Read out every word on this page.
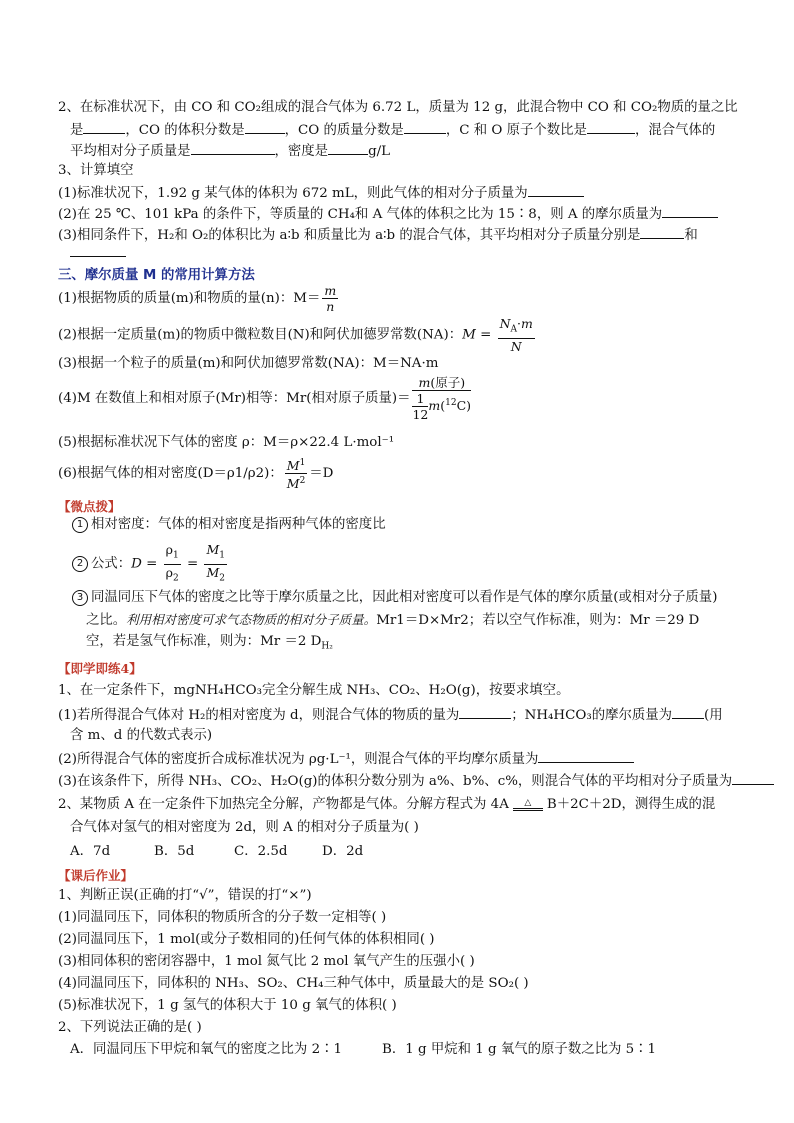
2、在标准状况下，由 CO 和 CO₂组成的混合气体为 6.72 L，质量为 12 g，此混合物中 CO 和 CO₂物质的量之比
是	，CO 的体积分数是	，CO 的质量分数是	，C 和 O 原子个数比是	，混合气体的
平均相对分子质量是	，密度是	g/L
3、计算填空
(1)标准状况下，1.92 g 某气体的体积为 672 mL，则此气体的相对分子质量为
(2)在 25 ℃、101 kPa 的条件下，等质量的 CH₄和 A 气体的体积之比为 15∶8，则 A 的摩尔质量为
(3)相同条件下，H₂和 O₂的体积比为 a∶b 和质量比为 a∶b 的混合气体，其平均相对分子质量分别是	和
三、摩尔质量 M 的常用计算方法
(1)根据物质的质量(m)和物质的量(n)：$M= \frac{m}{n}$
(2)根据一定质量(m)的物质中微粒数目(N)和阿伏加德罗常数(NA)：$M = \frac{N_A\cdot m}{N}$
(3)根据一个粒子的质量(m)和阿伏加德罗常数(NA)：M＝NA·m
(4)M 在数值上和相对原子(Mr)相等：Mr(相对原子质量)＝ $\frac{\text{m(原子)}}{\frac{1}{12} m(^{12}C)}$
(5)根据标准状况下气体的密度 ρ：M＝ρ×22.4 L·mol⁻¹
(6)根据气体的相对密度(D＝ρ1/ρ2)： $\frac{M^1}{M^2} =D$
【微点拨】
1 相对密度：气体的相对密度是指两种气体的密度比
2 公式：$D = \frac{\rho_1}{\rho_2} = \frac{M_1}{M_2}$
3 同温同压下气体的密度之比等于摩尔质量之比，因此相对密度可以看作是气体的摩尔质量(或相对分子质量)
之比。利用相对密度可求气态物质的相对分子质量。Mr1＝D×Mr2；若以空气作标准，则为：Mr ＝29 D
空，若是氢气作标准，则为：Mr ＝2 $D_{H_2}$
【即学即练4】
1、在一定条件下，mgNH₄HCO₃完全分解生成 NH₃、CO₂、H₂O(g)，按要求填空。
(1)若所得混合气体对 H₂的相对密度为 d，则混合气体的物质的量为	；NH₄HCO₃的摩尔质量为 (用
含 m、d 的代数式表示)
(2)所得混合气体的密度折合成标准状况为 ρg·L⁻¹，则混合气体的平均摩尔质量为
(3)在该条件下，所得 NH₃、CO₂、H₂O(g)的体积分数分别为 a%、b%、c%，则混合气体的平均相对分子质量为
2、某物质 A 在一定条件下加热完全分解，产物都是气体。分解方程式为 4A △ B＋2C＋2D，测得生成的混
合气体对氢气的相对密度为 2d，则 A 的相对分子质量为( )
A．7d	B．5d	C．2.5d	D．2d
【课后作业】
1、判断正误(正确的打“√”，错误的打“×”)
(1)同温同压下，同体积的物质所含的分子数一定相等( )
(2)同温同压下，1 mol(或分子数相同的)任何气体的体积相同( )
(3)相同体积的密闭容器中，1 mol 氮气比 2 mol 氧气产生的压强小( )
(4)同温同压下，同体积的 NH₃、SO₂、CH₄三种气体中，质量最大的是 SO₂( )
(5)标准状况下，1 g 氢气的体积大于 10 g 氧气的体积( )
2、下列说法正确的是( )
A．同温同压下甲烷和氧气的密度之比为 2∶1	B．1 g 甲烷和 1 g 氧气的原子数之比为 5∶1
